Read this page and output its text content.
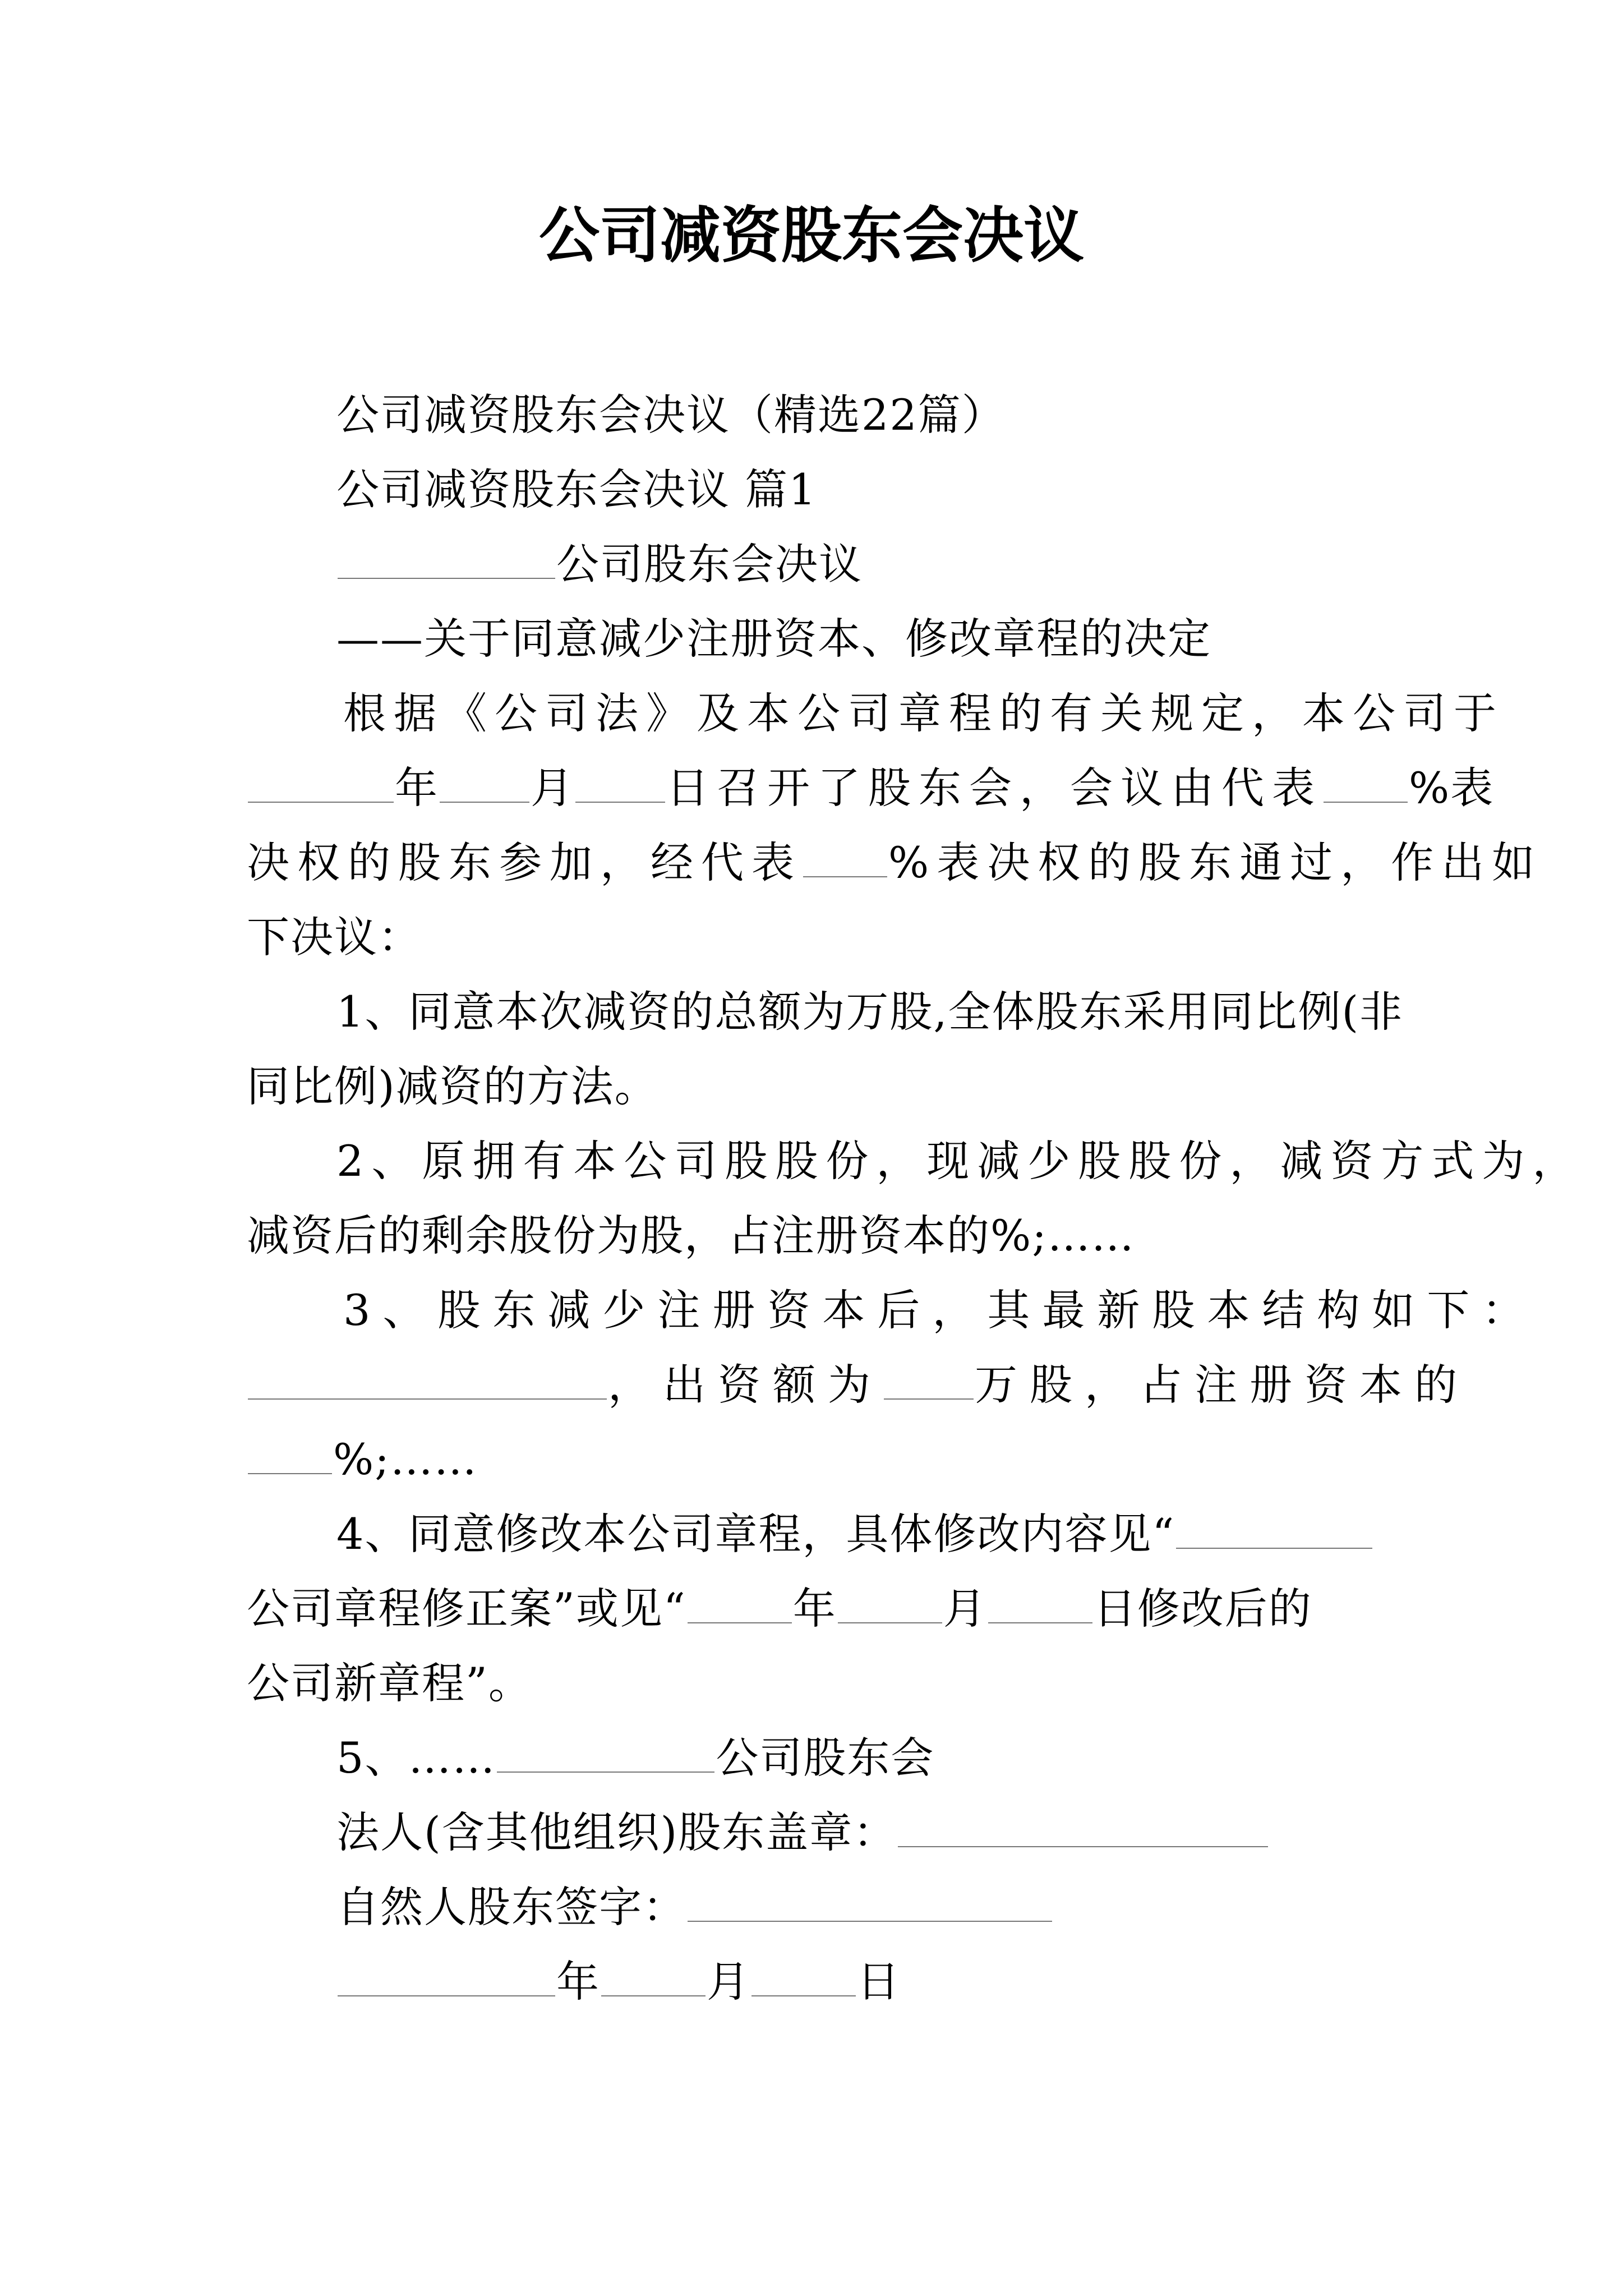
公司减资股东会决议
公司减资股东会决议（精选22篇）
公司减资股东会决议 篇1
公司股东会决议
——关于同意减少注册资本、修改章程的决定
根据《公司法》及本公司章程的有关规定，本公司于
年 月 日召开了股东会，会议由代表 %表
决权的股东参加，经代表 %表决权的股东通过，作出如
下决议：
1、同意本次减资的总额为万股,全体股东采用同比例(非
同比例)减资的方法。
2、原拥有本公司股股份，现减少股股份，减资方式为，
减资后的剩余股份为股，占注册资本的%;……
3、股东减少注册资本后，其最新股本结构如下：
，出资额为 万股，占注册资本的
%;……
4、同意修改本公司章程，具体修改内容见“
公司章程修正案”或见“	年	月	日修改后的
公司新章程”。
5、……	公司股东会
法人(含其他组织)股东盖章：
自然人股东签字：
年	月	日
